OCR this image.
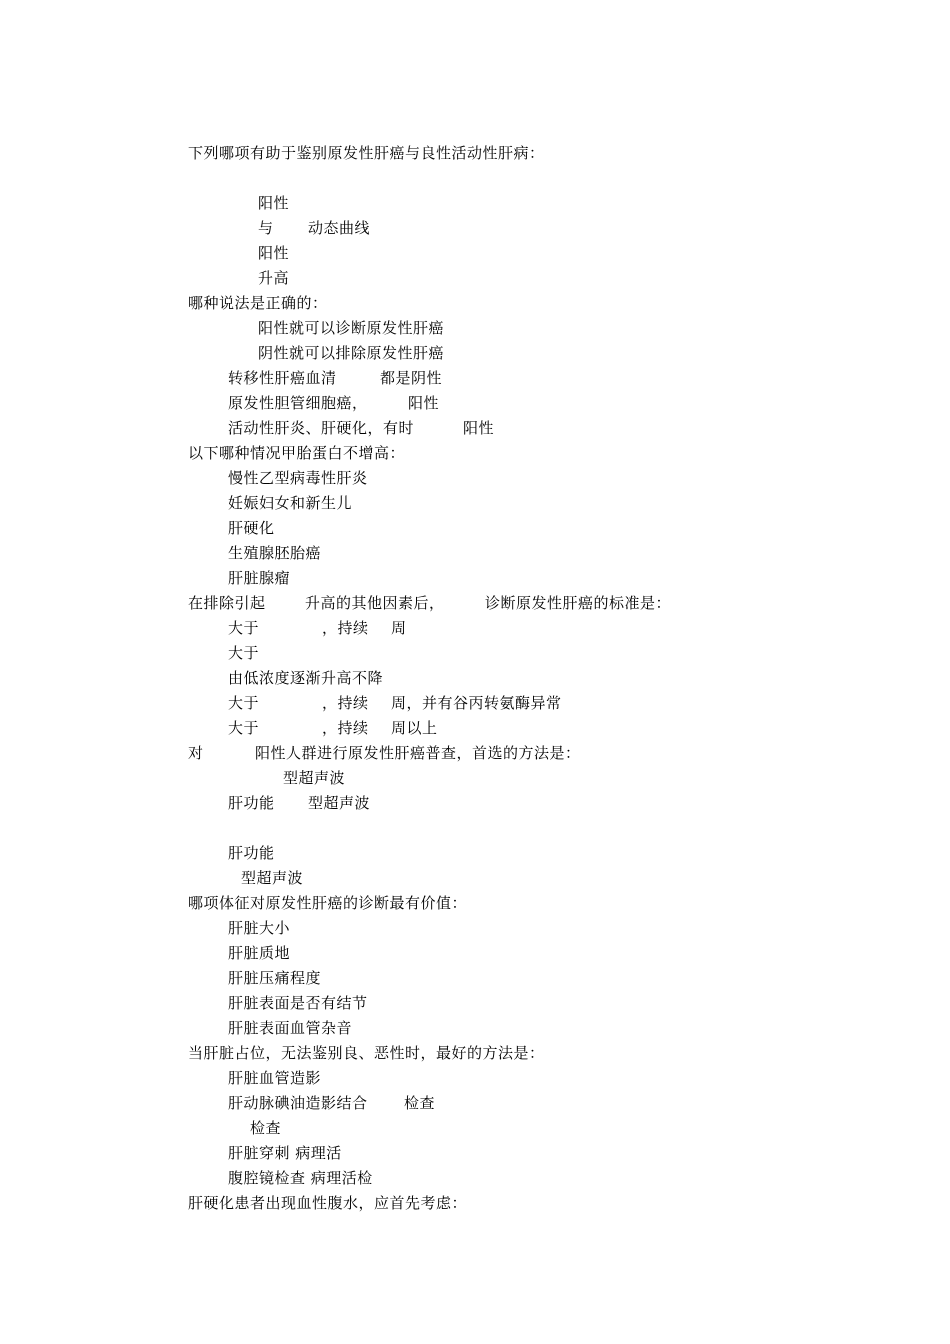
下列哪项有助于鉴别原发性肝癌与良性活动性肝病：
阳性
与 动态曲线
阳性
升高
哪种说法是正确的：
阳性就可以诊断原发性肝癌
阴性就可以排除原发性肝癌
转移性肝癌血清	都是阴性
原发性胆管细胞癌，	阳性
活动性肝炎、肝硬化，有时	阳性
以下哪种情况甲胎蛋白不增高：
慢性乙型病毒性肝炎
妊娠妇女和新生儿
肝硬化
生殖腺胚胎癌
肝脏腺瘤
在排除引起	升高的其他因素后，	诊断原发性肝癌的标准是：
大于	，持续 周
大于
由低浓度逐渐升高不降
大于	，持续 周，并有谷丙转氨酶异常
大于	，持续 周以上
对	阳性人群进行原发性肝癌普查，首选的方法是：
型超声波
肝功能 型超声波
肝功能
型超声波
哪项体征对原发性肝癌的诊断最有价值：
肝脏大小
肝脏质地
肝脏压痛程度
肝脏表面是否有结节
肝脏表面血管杂音
当肝脏占位，无法鉴别良、恶性时，最好的方法是：
肝脏血管造影
肝动脉碘油造影结合 检查
检查
肝脏穿刺 病理活
腹腔镜检查 病理活检
肝硬化患者出现血性腹水，应首先考虑：
